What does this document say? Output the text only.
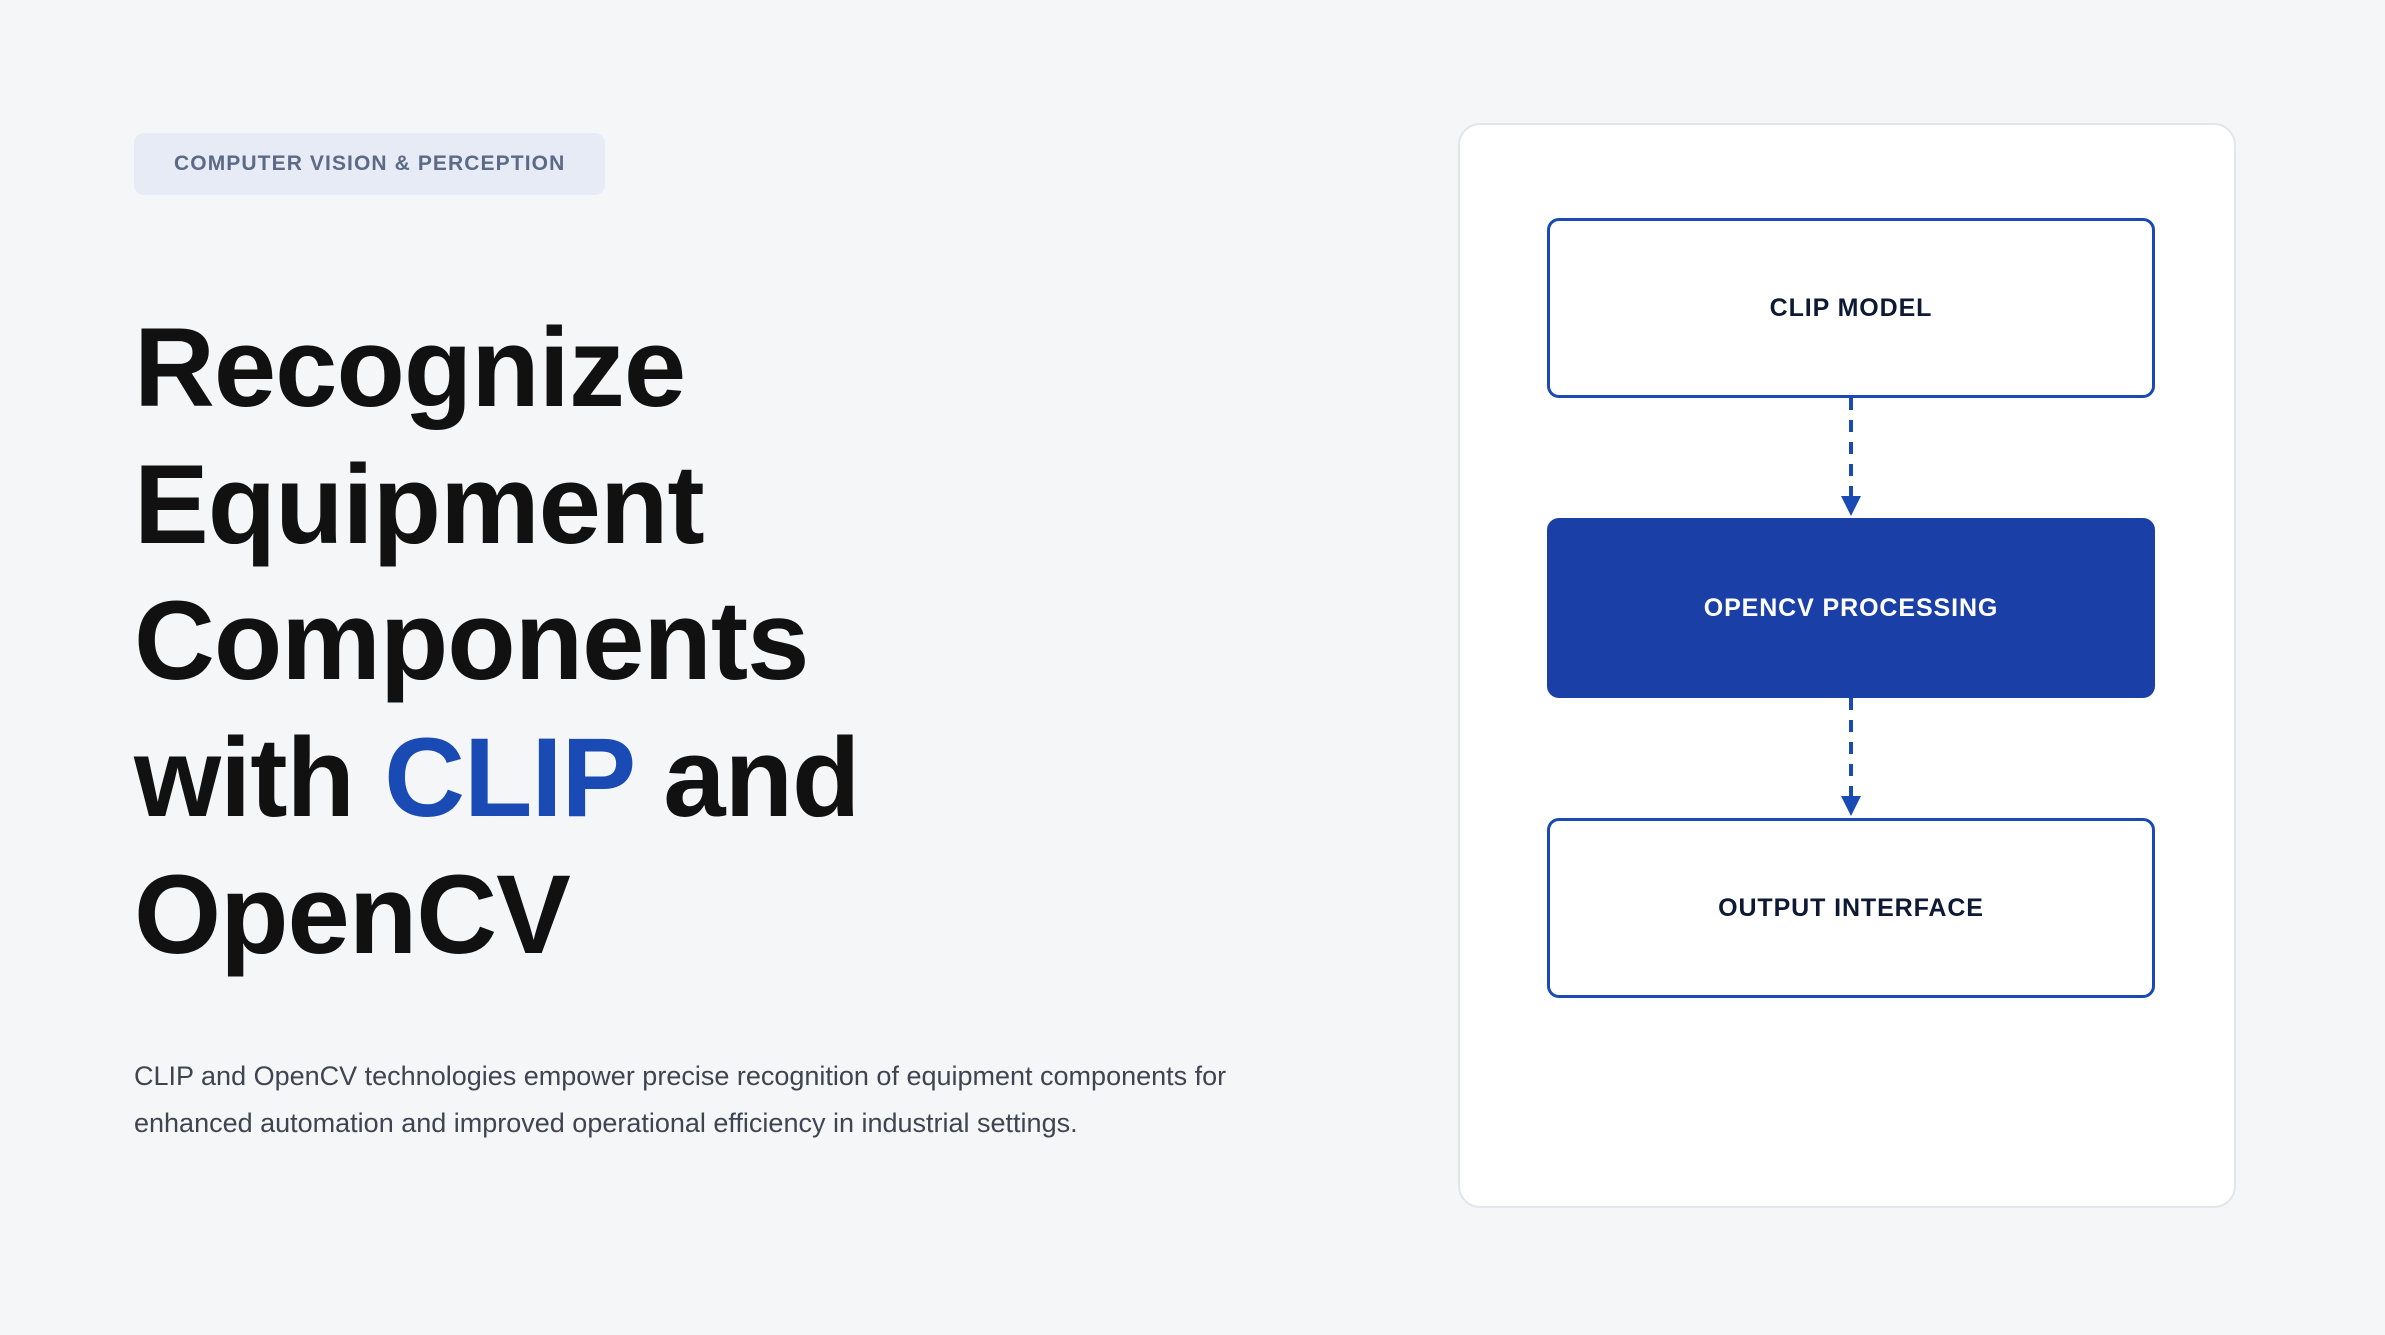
COMPUTER VISION & PERCEPTION
Recognize
Equipment
Components
with CLIP and
OpenCV
CLIP and OpenCV technologies empower precise recognition of equipment components for enhanced automation and improved operational efficiency in industrial settings.
CLIP MODEL
OPENCV PROCESSING
OUTPUT INTERFACE
